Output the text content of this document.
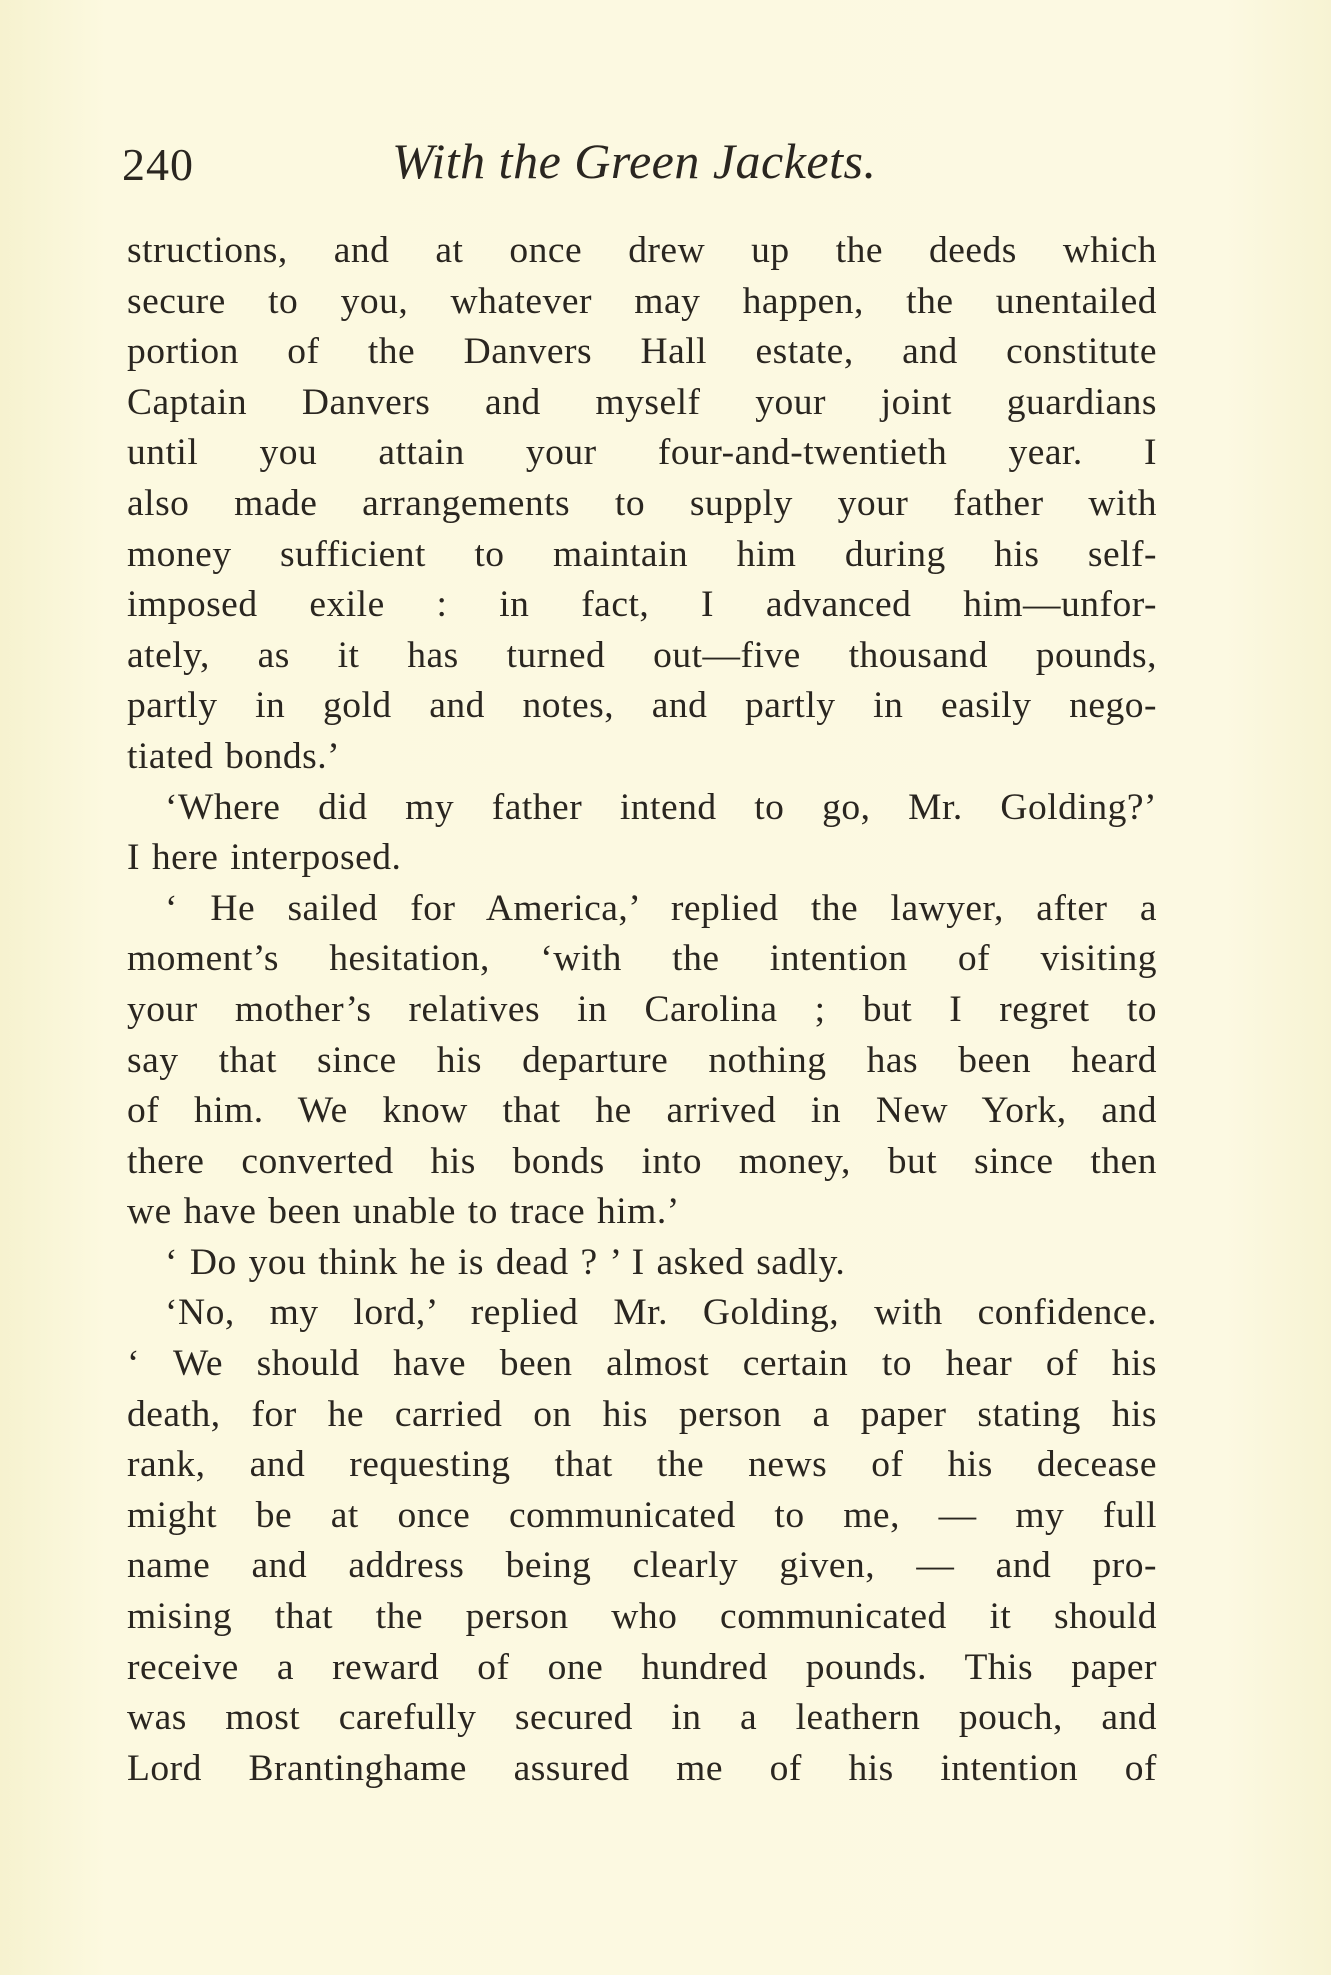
240	With the Green Jackets.
structions, and at once drew up the deeds which
secure to you, whatever may happen, the unentailed
portion of the Danvers Hall estate, and constitute
Captain Danvers and myself your joint guardians
until you attain your four-and-twentieth year. I
also made arrangements to supply your father with
money sufficient to maintain him during his self-
imposed exile : in fact, I advanced him—unfor-
ately, as it has turned out—five thousand pounds,
partly in gold and notes, and partly in easily nego-
tiated bonds.’
‘Where did my father intend to go, Mr. Golding?’
I here interposed.
‘ He sailed for America,’ replied the lawyer, after a
moment’s hesitation, ‘with the intention of visiting
your mother’s relatives in Carolina ; but I regret to
say that since his departure nothing has been heard
of him. We know that he arrived in New York, and
there converted his bonds into money, but since then
we have been unable to trace him.’
‘ Do you think he is dead ? ’ I asked sadly.
‘No, my lord,’ replied Mr. Golding, with confidence.
‘ We should have been almost certain to hear of his
death, for he carried on his person a paper stating his
rank, and requesting that the news of his decease
might be at once communicated to me, — my full
name and address being clearly given, — and pro-
mising that the person who communicated it should
receive a reward of one hundred pounds. This paper
was most carefully secured in a leathern pouch, and
Lord Brantinghame assured me of his intention of
